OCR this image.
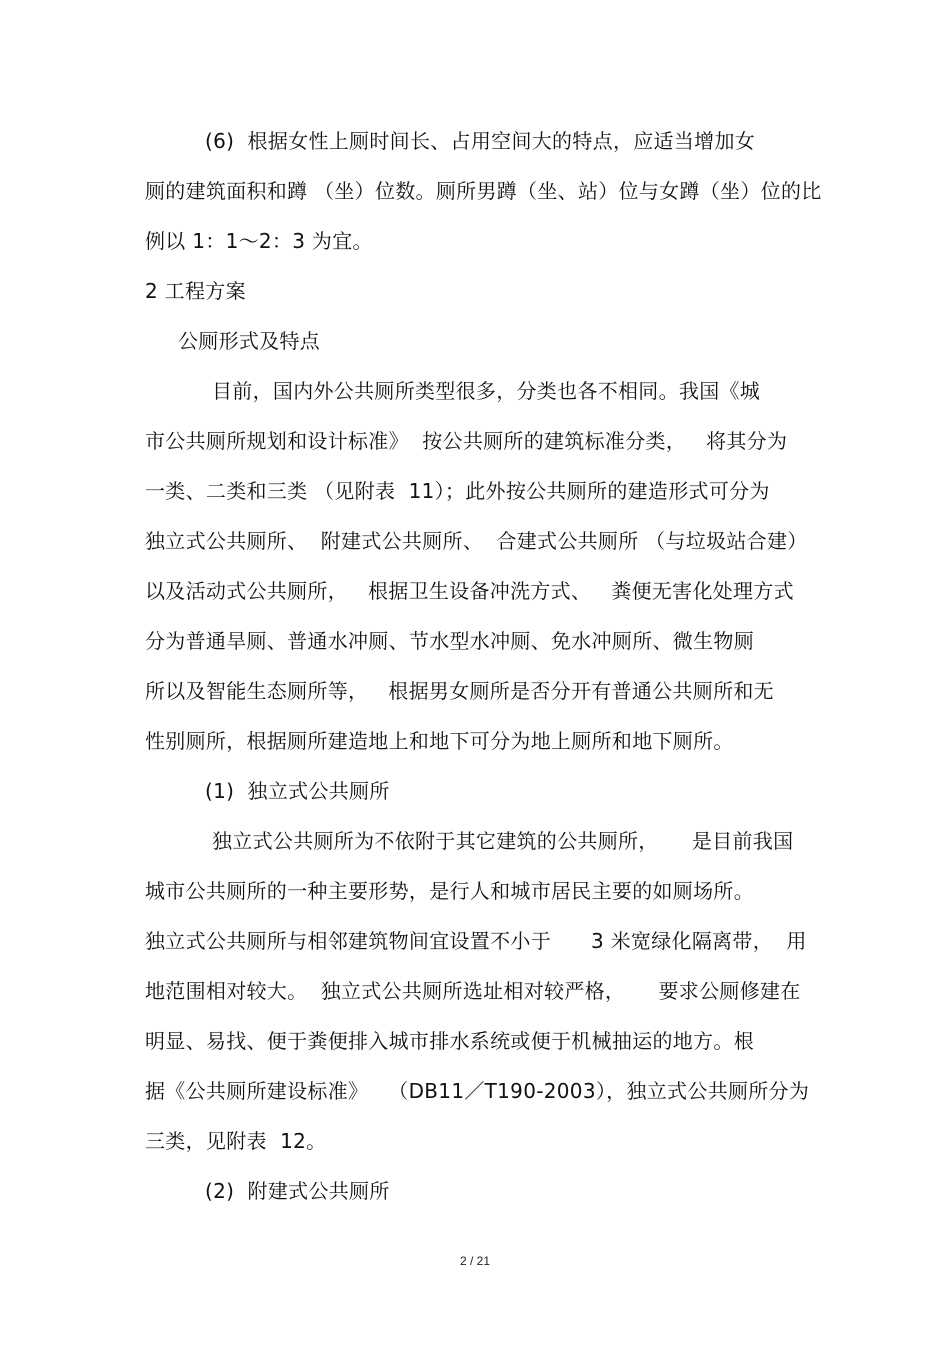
(6)  根据女性上厕时间长、占用空间大的特点，应适当增加女
厕的建筑面积和蹲 （坐）位数。厕所男蹲（坐、站）位与女蹲（坐）位的比
例以 1：1～2：3 为宜。
2 工程方案
公厕形式及特点
目前，国内外公共厕所类型很多，分类也各不相同。我国《城
市公共厕所规划和设计标准》  按公共厕所的建筑标准分类，   将其分为
一类、二类和三类 （见附表  11）；此外按公共厕所的建造形式可分为
独立式公共厕所、  附建式公共厕所、  合建式公共厕所 （与垃圾站合建）
以及活动式公共厕所，   根据卫生设备冲洗方式、   粪便无害化处理方式
分为普通旱厕、普通水冲厕、节水型水冲厕、免水冲厕所、微生物厕
所以及智能生态厕所等，   根据男女厕所是否分开有普通公共厕所和无
性别厕所，根据厕所建造地上和地下可分为地上厕所和地下厕所。
(1)  独立式公共厕所
独立式公共厕所为不依附于其它建筑的公共厕所，     是目前我国
城市公共厕所的一种主要形势，是行人和城市居民主要的如厕场所。
独立式公共厕所与相邻建筑物间宜设置不小于      3 米宽绿化隔离带，  用
地范围相对较大。  独立式公共厕所选址相对较严格，     要求公厕修建在
明显、易找、便于粪便排入城市排水系统或便于机械抽运的地方。根
据《公共厕所建设标准》   （DB11／T190-2003），独立式公共厕所分为
三类，见附表  12。
(2)  附建式公共厕所
2 / 21
